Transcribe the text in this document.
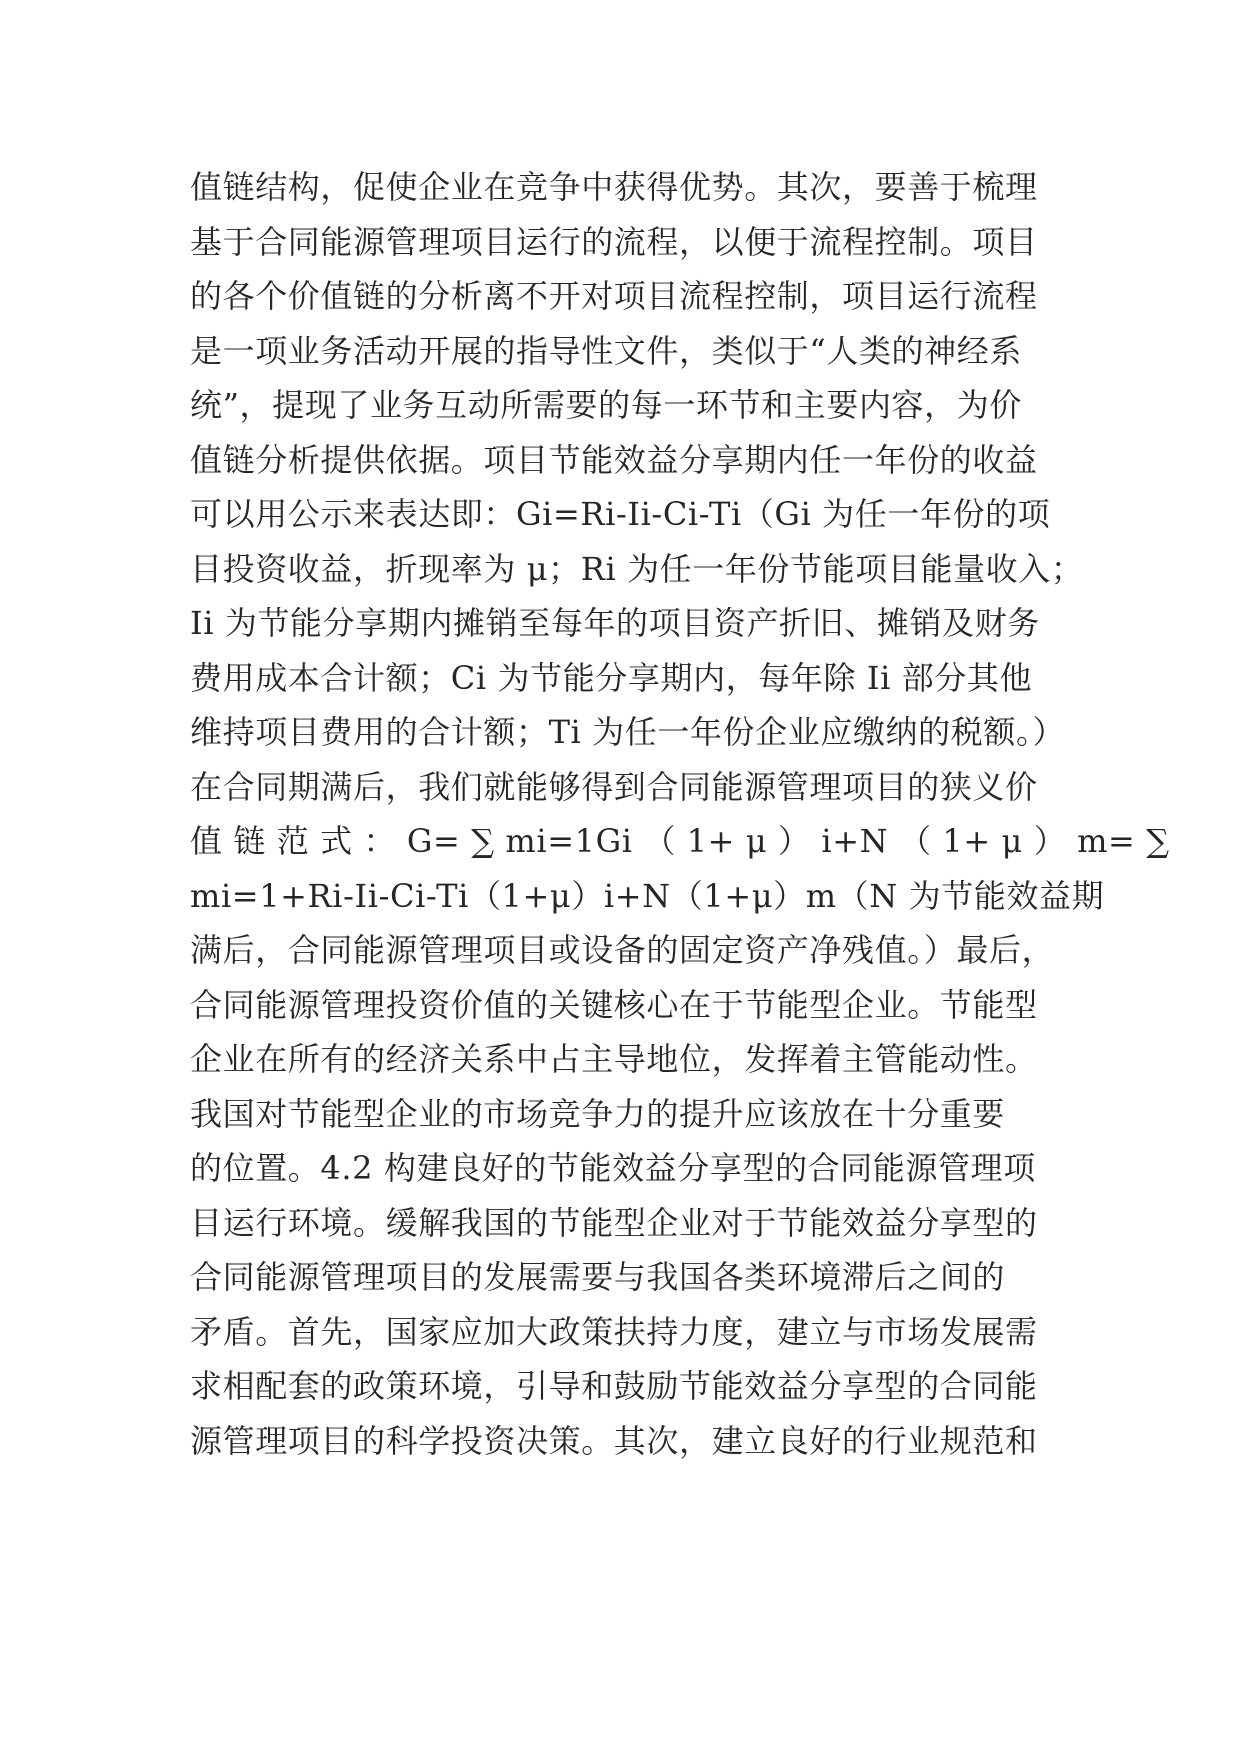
值链结构，促使企业在竞争中获得优势。其次，要善于梳理
基于合同能源管理项目运行的流程，以便于流程控制。项目
的各个价值链的分析离不开对项目流程控制，项目运行流程
是一项业务活动开展的指导性文件，类似于“人类的神经系
统”，提现了业务互动所需要的每一环节和主要内容，为价
值链分析提供依据。项目节能效益分享期内任一年份的收益
可以用公示来表达即：Gi=Ri-Ii-Ci-Ti（Gi 为任一年份的项
目投资收益，折现率为 μ；Ri 为任一年份节能项目能量收入；
Ii 为节能分享期内摊销至每年的项目资产折旧、摊销及财务
费用成本合计额；Ci 为节能分享期内，每年除 Ii 部分其他
维持项目费用的合计额；Ti 为任一年份企业应缴纳的税额。）
在合同期满后，我们就能够得到合同能源管理项目的狭义价
值 链 范 式 ： G= ∑ mi=1Gi （ 1+ μ ） i+N （ 1+ μ ） m= ∑
mi=1+Ri-Ii-Ci-Ti（1+μ）i+N（1+μ）m（N 为节能效益期
满后，合同能源管理项目或设备的固定资产净残值。）最后，
合同能源管理投资价值的关键核心在于节能型企业。节能型
企业在所有的经济关系中占主导地位，发挥着主管能动性。
我国对节能型企业的市场竞争力的提升应该放在十分重要
的位置。4.2 构建良好的节能效益分享型的合同能源管理项
目运行环境。缓解我国的节能型企业对于节能效益分享型的
合同能源管理项目的发展需要与我国各类环境滞后之间的
矛盾。首先，国家应加大政策扶持力度，建立与市场发展需
求相配套的政策环境，引导和鼓励节能效益分享型的合同能
源管理项目的科学投资决策。其次，建立良好的行业规范和
